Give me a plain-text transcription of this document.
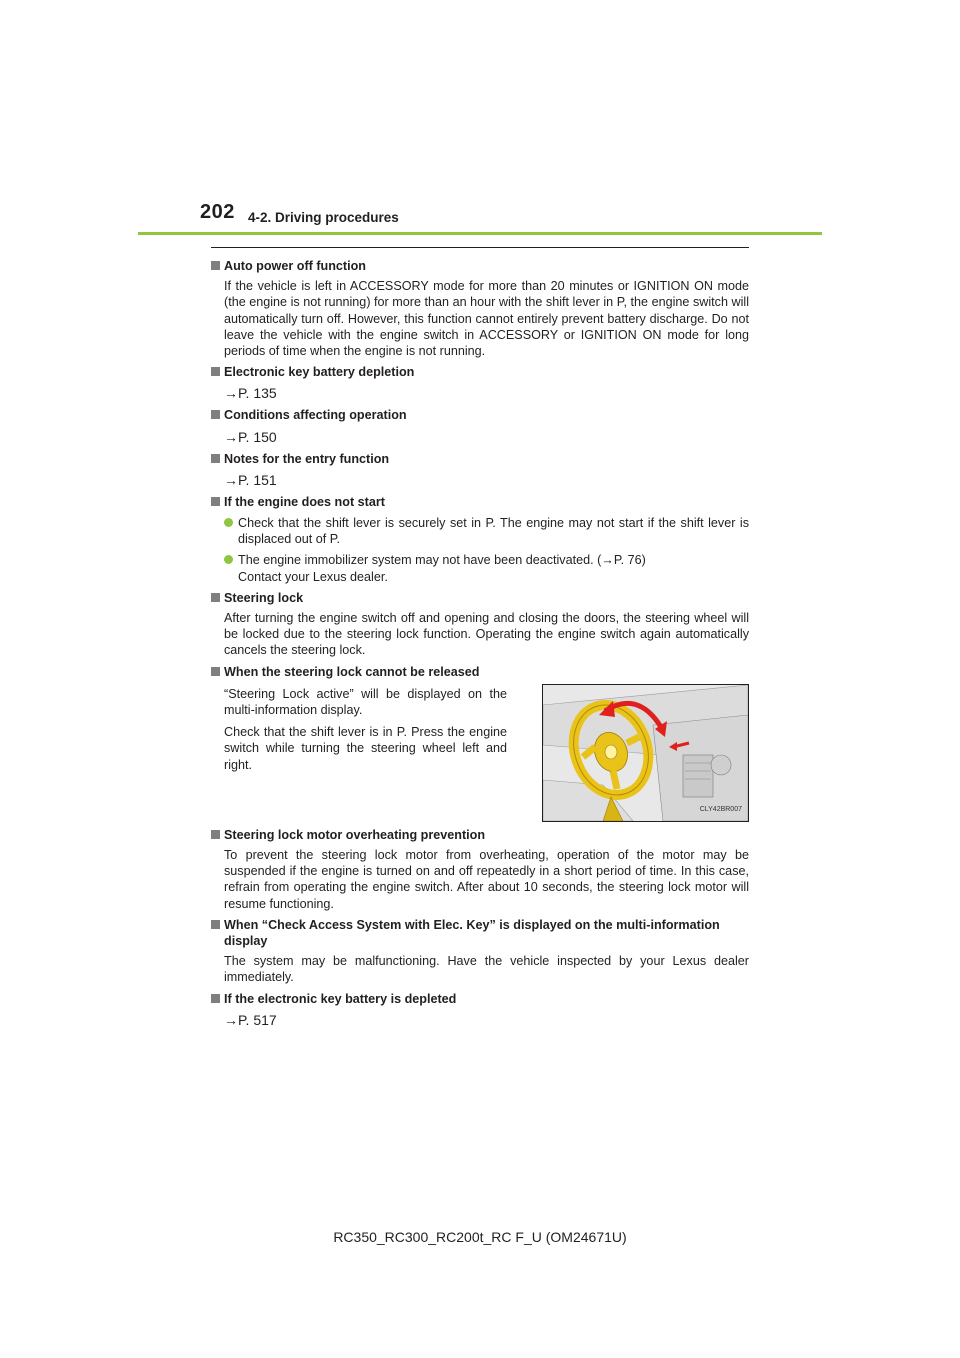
202 4-2. Driving procedures
Auto power off function
If the vehicle is left in ACCESSORY mode for more than 20 minutes or IGNITION ON mode (the engine is not running) for more than an hour with the shift lever in P, the engine switch will automatically turn off. However, this function cannot entirely prevent battery discharge. Do not leave the vehicle with the engine switch in ACCESSORY or IGNITION ON mode for long periods of time when the engine is not running.
Electronic key battery depletion
→P. 135
Conditions affecting operation
→P. 150
Notes for the entry function
→P. 151
If the engine does not start
Check that the shift lever is securely set in P. The engine may not start if the shift lever is displaced out of P.
The engine immobilizer system may not have been deactivated. (→P. 76)
Contact your Lexus dealer.
Steering lock
After turning the engine switch off and opening and closing the doors, the steering wheel will be locked due to the steering lock function. Operating the engine switch again automatically cancels the steering lock.
When the steering lock cannot be released

“Steering Lock active” will be displayed on the multi-information display.

Check that the shift lever is in P. Press the engine switch while turning the steering wheel left and right.

CLY42BR007
Steering lock motor overheating prevention
To prevent the steering lock motor from overheating, operation of the motor may be suspended if the engine is turned on and off repeatedly in a short period of time. In this case, refrain from operating the engine switch. After about 10 seconds, the steering lock motor will resume functioning.
When “Check Access System with Elec. Key” is displayed on the multi-information display
The system may be malfunctioning. Have the vehicle inspected by your Lexus dealer immediately.
If the electronic key battery is depleted
→P. 517
RC350_RC300_RC200t_RC F_U (OM24671U)
